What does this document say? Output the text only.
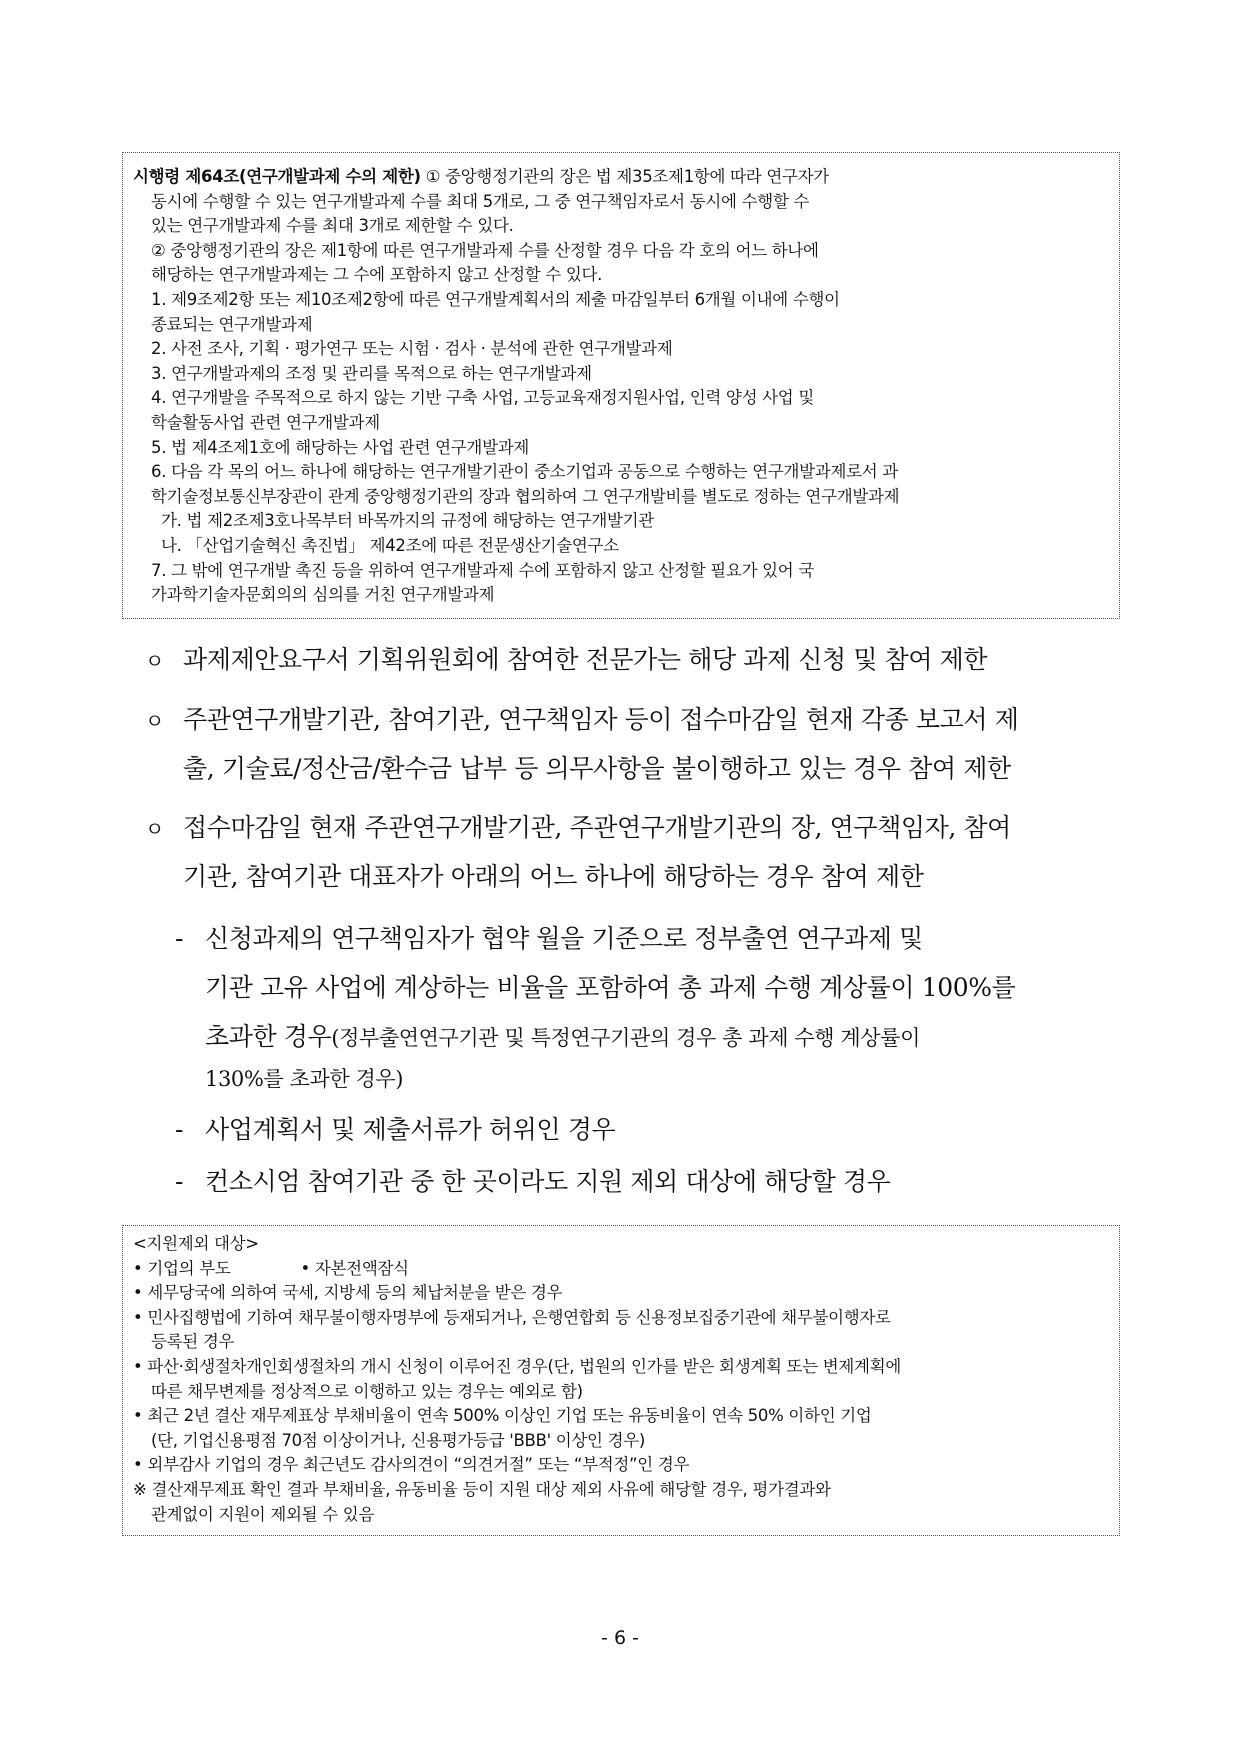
시행령 제64조(연구개발과제 수의 제한) ① 중앙행정기관의 장은 법 제35조제1항에 따라 연구자가
동시에 수행할 수 있는 연구개발과제 수를 최대 5개로, 그 중 연구책임자로서 동시에 수행할 수
있는 연구개발과제 수를 최대 3개로 제한할 수 있다.
② 중앙행정기관의 장은 제1항에 따른 연구개발과제 수를 산정할 경우 다음 각 호의 어느 하나에
해당하는 연구개발과제는 그 수에 포함하지 않고 산정할 수 있다.
1. 제9조제2항 또는 제10조제2항에 따른 연구개발계획서의 제출 마감일부터 6개월 이내에 수행이
종료되는 연구개발과제
2. 사전 조사, 기획 · 평가연구 또는 시험 · 검사 · 분석에 관한 연구개발과제
3. 연구개발과제의 조정 및 관리를 목적으로 하는 연구개발과제
4. 연구개발을 주목적으로 하지 않는 기반 구축 사업, 고등교육재정지원사업, 인력 양성 사업 및
학술활동사업 관련 연구개발과제
5. 법 제4조제1호에 해당하는 사업 관련 연구개발과제
6. 다음 각 목의 어느 하나에 해당하는 연구개발기관이 중소기업과 공동으로 수행하는 연구개발과제로서 과
학기술정보통신부장관이 관계 중앙행정기관의 장과 협의하여 그 연구개발비를 별도로 정하는 연구개발과제
가. 법 제2조제3호나목부터 바목까지의 규정에 해당하는 연구개발기관
나. 「산업기술혁신 촉진법」 제42조에 따른 전문생산기술연구소
7. 그 밖에 연구개발 촉진 등을 위하여 연구개발과제 수에 포함하지 않고 산정할 필요가 있어 국
가과학기술자문회의의 심의를 거친 연구개발과제
ㅇ 과제제안요구서 기획위원회에 참여한 전문가는 해당 과제 신청 및 참여 제한
ㅇ 주관연구개발기관, 참여기관, 연구책임자 등이 접수마감일 현재 각종 보고서 제
출, 기술료/정산금/환수금 납부 등 의무사항을 불이행하고 있는 경우 참여 제한
ㅇ 접수마감일 현재 주관연구개발기관, 주관연구개발기관의 장, 연구책임자, 참여
기관, 참여기관 대표자가 아래의 어느 하나에 해당하는 경우 참여 제한
- 신청과제의 연구책임자가 협약 월을 기준으로 정부출연 연구과제 및
기관 고유 사업에 계상하는 비율을 포함하여 총 과제 수행 계상률이 100%를
초과한 경우(정부출연연구기관 및 특정연구기관의 경우 총 과제 수행 계상률이
130%를 초과한 경우)
- 사업계획서 및 제출서류가 허위인 경우
- 컨소시엄 참여기관 중 한 곳이라도 지원 제외 대상에 해당할 경우
<지원제외 대상>
• 기업의 부도	• 자본전액잠식
• 세무당국에 의하여 국세, 지방세 등의 체납처분을 받은 경우
• 민사집행법에 기하여 채무불이행자명부에 등재되거나, 은행연합회 등 신용정보집중기관에 채무불이행자로
등록된 경우
• 파산·회생절차개인회생절차의 개시 신청이 이루어진 경우(단, 법원의 인가를 받은 회생계획 또는 변제계획에
따른 채무변제를 정상적으로 이행하고 있는 경우는 예외로 함)
• 최근 2년 결산 재무제표상 부채비율이 연속 500% 이상인 기업 또는 유동비율이 연속 50% 이하인 기업
(단, 기업신용평점 70점 이상이거나, 신용평가등급 'BBB' 이상인 경우)
• 외부감사 기업의 경우 최근년도 감사의견이 “의견거절” 또는 “부적정”인 경우
※ 결산재무제표 확인 결과 부채비율, 유동비율 등이 지원 대상 제외 사유에 해당할 경우, 평가결과와
관계없이 지원이 제외될 수 있음
- 6 -
